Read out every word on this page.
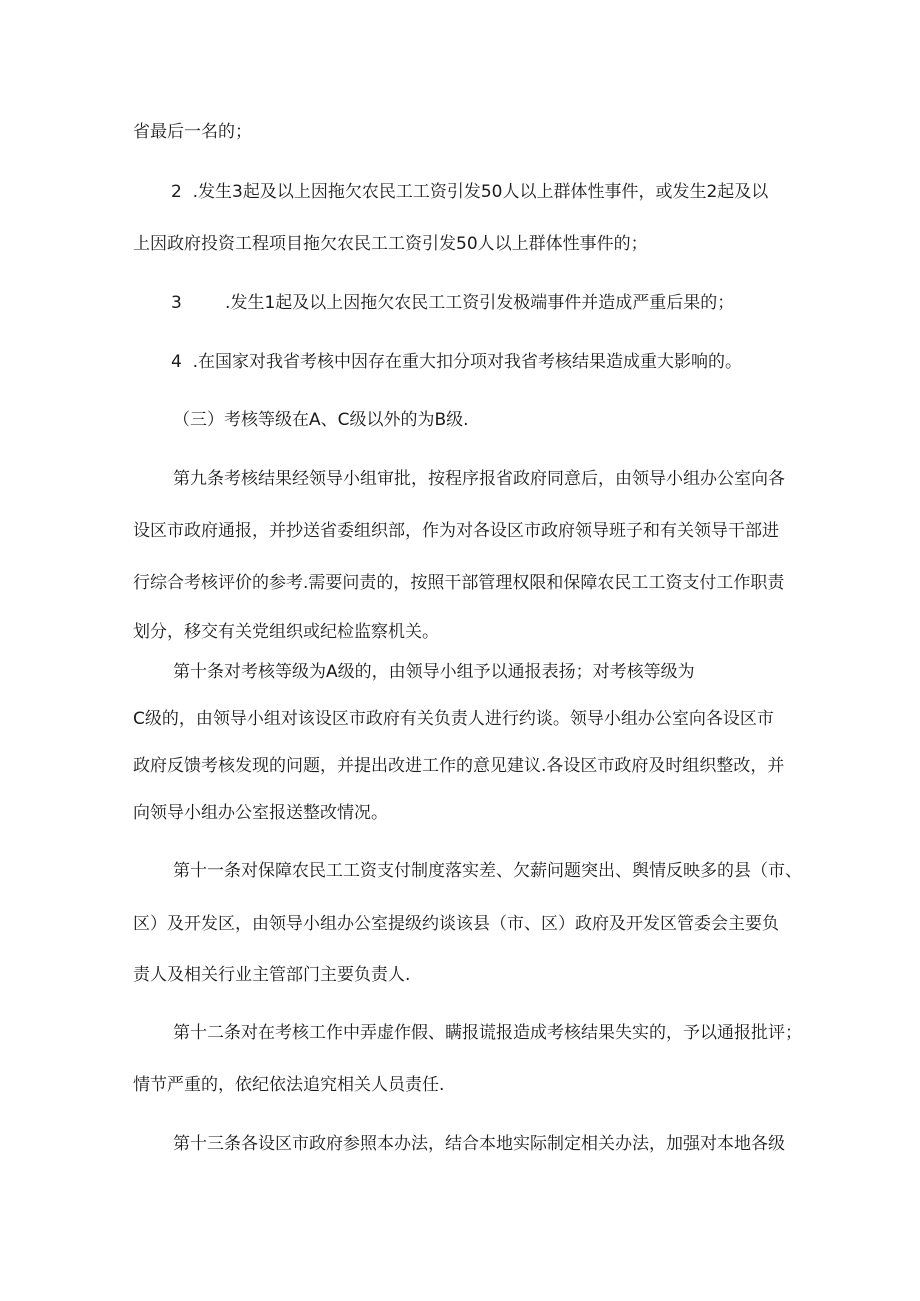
省最后一名的；
2  .发生3起及以上因拖欠农民工工资引发50人以上群体性事件，或发生2起及以
上因政府投资工程项目拖欠农民工工资引发50人以上群体性事件的；
3        .发生1起及以上因拖欠农民工工资引发极端事件并造成严重后果的；
4  .在国家对我省考核中因存在重大扣分项对我省考核结果造成重大影响的。
（三）考核等级在A、C级以外的为B级.
第九条考核结果经领导小组审批，按程序报省政府同意后，由领导小组办公室向各
设区市政府通报，并抄送省委组织部，作为对各设区市政府领导班子和有关领导干部进
行综合考核评价的参考.需要问责的，按照干部管理权限和保障农民工工资支付工作职责
划分，移交有关党组织或纪检监察机关。
第十条对考核等级为A级的，由领导小组予以通报表扬；对考核等级为
C级的，由领导小组对该设区市政府有关负责人进行约谈。领导小组办公室向各设区市
政府反馈考核发现的问题，并提出改进工作的意见建议.各设区市政府及时组织整改，并
向领导小组办公室报送整改情况。
第十一条对保障农民工工资支付制度落实差、欠薪问题突出、舆情反映多的县（市、
区）及开发区，由领导小组办公室提级约谈该县（市、区）政府及开发区管委会主要负
责人及相关行业主管部门主要负责人.
第十二条对在考核工作中弄虚作假、瞒报谎报造成考核结果失实的，予以通报批评；
情节严重的，依纪依法追究相关人员责任.
第十三条各设区市政府参照本办法，结合本地实际制定相关办法，加强对本地各级
